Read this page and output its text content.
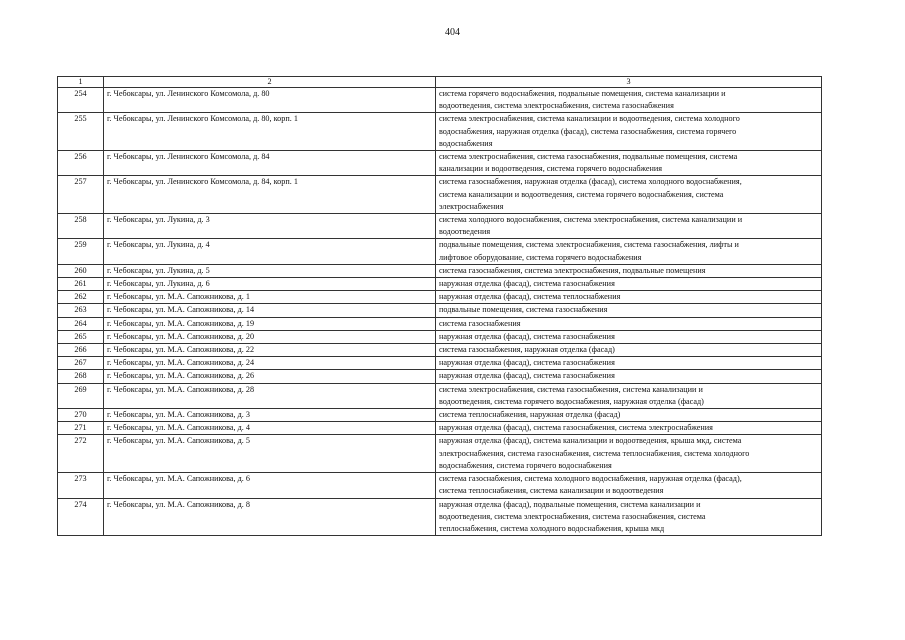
404
1	2	3
254	г. Чебоксары, ул. Ленинского Комсомола, д. 80	система горячего водоснабжения, подвальные помещения, система канализации и
водоотведения, система электроснабжения, система газоснабжения

255	г. Чебоксары, ул. Ленинского Комсомола, д. 80, корп. 1	система электроснабжения, система канализации и водоотведения, система холодного
водоснабжения, наружная отделка (фасад), система газоснабжения, система горячего
водоснабжения

256	г. Чебоксары, ул. Ленинского Комсомола, д. 84	система электроснабжения, система газоснабжения, подвальные помещения, система
канализации и водоотведения, система горячего водоснабжения

257	г. Чебоксары, ул. Ленинского Комсомола, д. 84, корп. 1	система газоснабжения, наружная отделка (фасад), система холодного водоснабжения,
система канализации и водоотведения, система горячего водоснабжения, система
электроснабжения

258	г. Чебоксары, ул. Лукина, д. 3	система холодного водоснабжения, система электроснабжения, система канализации и
водоотведения

259	г. Чебоксары, ул. Лукина, д. 4	подвальные помещения, система электроснабжения, система газоснабжения, лифты и
лифтовое оборудование, система горячего водоснабжения

260	г. Чебоксары, ул. Лукина, д. 5	система газоснабжения, система электроснабжения, подвальные помещения

261	г. Чебоксары, ул. Лукина, д. 6	наружная отделка (фасад), система газоснабжения

262	г. Чебоксары, ул. М.А. Сапожникова, д. 1	наружная отделка (фасад), система теплоснабжения

263	г. Чебоксары, ул. М.А. Сапожникова, д. 14	подвальные помещения, система газоснабжения

264	г. Чебоксары, ул. М.А. Сапожникова, д. 19	система газоснабжения

265	г. Чебоксары, ул. М.А. Сапожникова, д. 20	наружная отделка (фасад), система газоснабжения

266	г. Чебоксары, ул. М.А. Сапожникова, д. 22	система газоснабжения, наружная отделка (фасад)

267	г. Чебоксары, ул. М.А. Сапожникова, д. 24	наружная отделка (фасад), система газоснабжения

268	г. Чебоксары, ул. М.А. Сапожникова, д. 26	наружная отделка (фасад), система газоснабжения

269	г. Чебоксары, ул. М.А. Сапожникова, д. 28	система электроснабжения, система газоснабжения, система канализации и
водоотведения, система горячего водоснабжения, наружная отделка (фасад)

270	г. Чебоксары, ул. М.А. Сапожникова, д. 3	система теплоснабжения, наружная отделка (фасад)

271	г. Чебоксары, ул. М.А. Сапожникова, д. 4	наружная отделка (фасад), система газоснабжения, система электроснабжения

272	г. Чебоксары, ул. М.А. Сапожникова, д. 5	наружная отделка (фасад), система канализации и водоотведения, крыша мкд, система
электроснабжения, система газоснабжения, система теплоснабжения, система холодного
водоснабжения, система горячего водоснабжения

273	г. Чебоксары, ул. М.А. Сапожникова, д. 6	система газоснабжения, система холодного водоснабжения, наружная отделка (фасад),
система теплоснабжения, система канализации и водоотведения

274	г. Чебоксары, ул. М.А. Сапожникова, д. 8	наружная отделка (фасад), подвальные помещения, система канализации и
водоотведения, система электроснабжения, система газоснабжения, система
теплоснабжения, система холодного водоснабжения, крыша мкд
